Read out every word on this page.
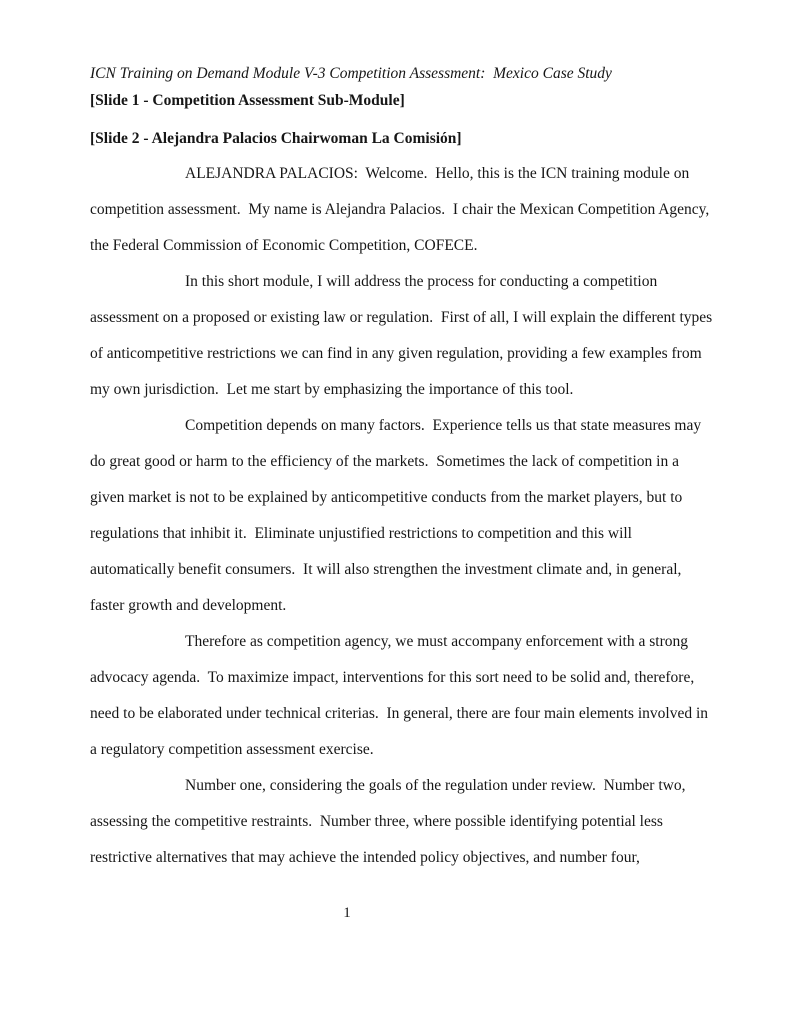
ICN Training on Demand Module V-3 Competition Assessment:  Mexico Case Study
[Slide 1 - Competition Assessment Sub-Module]
[Slide 2 - Alejandra Palacios Chairwoman La Comisión]

ALEJANDRA PALACIOS:  Welcome.  Hello, this is the ICN training module on competition assessment.  My name is Alejandra Palacios.  I chair the Mexican Competition Agency, the Federal Commission of Economic Competition, COFECE.

In this short module, I will address the process for conducting a competition assessment on a proposed or existing law or regulation.  First of all, I will explain the different types of anticompetitive restrictions we can find in any given regulation, providing a few examples from my own jurisdiction.  Let me start by emphasizing the importance of this tool.

Competition depends on many factors.  Experience tells us that state measures may do great good or harm to the efficiency of the markets.  Sometimes the lack of competition in a given market is not to be explained by anticompetitive conducts from the market players, but to regulations that inhibit it.  Eliminate unjustified restrictions to competition and this will automatically benefit consumers.  It will also strengthen the investment climate and, in general, faster growth and development.

Therefore as competition agency, we must accompany enforcement with a strong advocacy agenda.  To maximize impact, interventions for this sort need to be solid and, therefore, need to be elaborated under technical criterias.  In general, there are four main elements involved in a regulatory competition assessment exercise.

Number one, considering the goals of the regulation under review.  Number two, assessing the competitive restraints.  Number three, where possible identifying potential less restrictive alternatives that may achieve the intended policy objectives, and number four,

1
